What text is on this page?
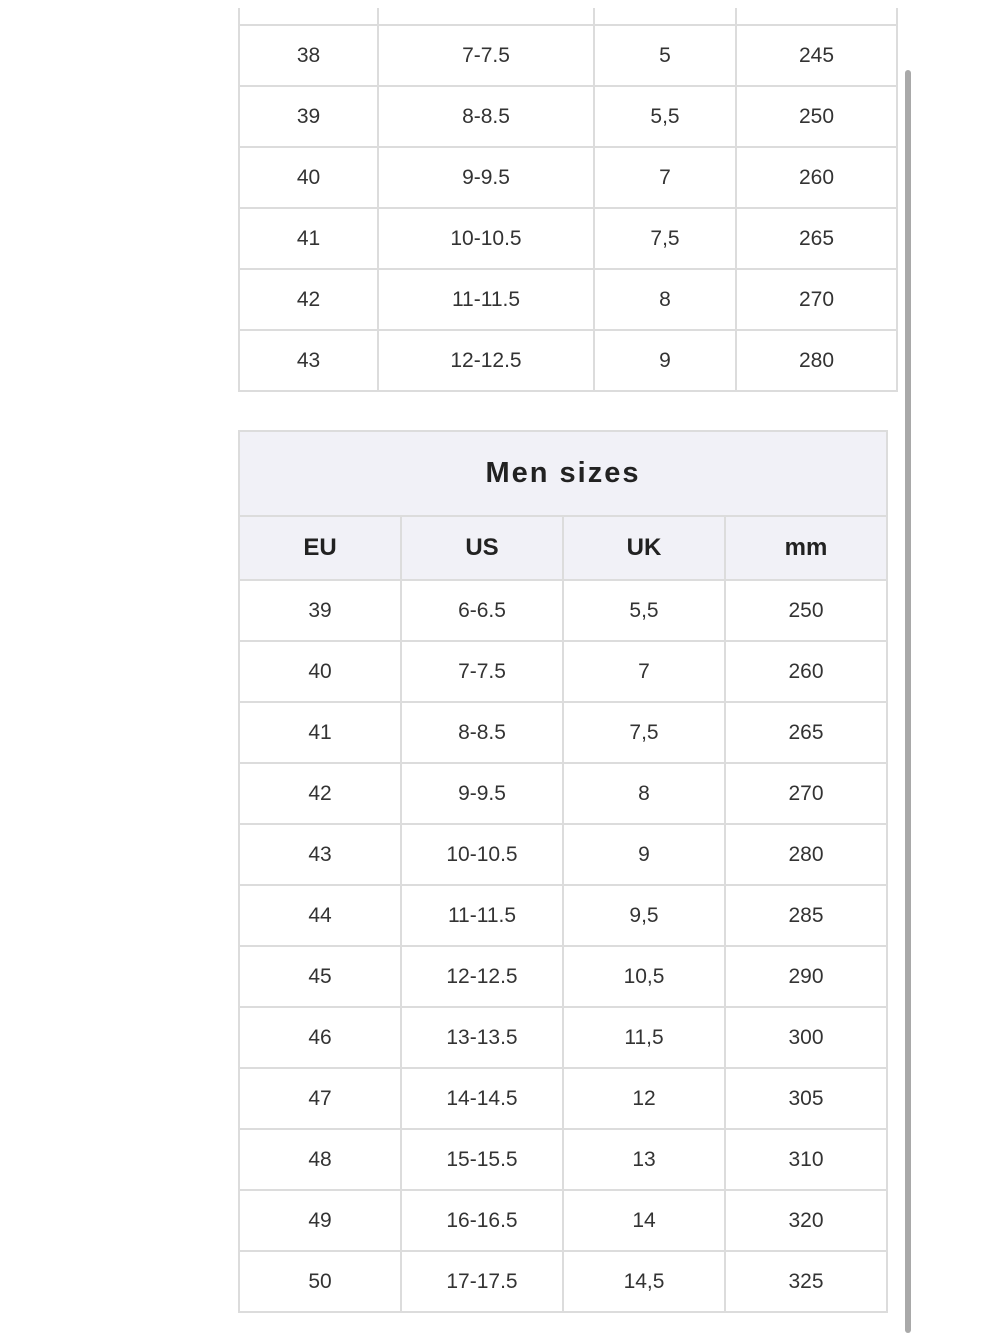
38	7-7.5	5	245
39	8-8.5	5,5	250
40	9-9.5	7	260
41	10-10.5	7,5	265
42	11-11.5	8	270
43	12-12.5	9	280
Men sizes			
EU	US	UK	mm
39	6-6.5	5,5	250
40	7-7.5	7	260
41	8-8.5	7,5	265
42	9-9.5	8	270
43	10-10.5	9	280
44	11-11.5	9,5	285
45	12-12.5	10,5	290
46	13-13.5	11,5	300
47	14-14.5	12	305
48	15-15.5	13	310
49	16-16.5	14	320
50	17-17.5	14,5	325
